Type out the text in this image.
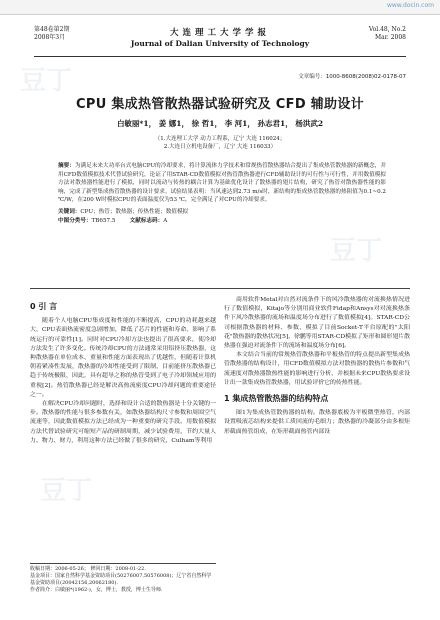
www.docin.com
豆丁
豆丁
豆丁
第48卷第2期
2008年3月	大连理工大学学报
Journal of Dalian University of Technology
Vol.48, No.2
Mar. 2008
文章编号：1000-8608(2008)02-0178-07
CPU 集成热管散热器试验研究及 CFD 辅助设计
白敏丽*1， 姜 娜1， 徐 哲1， 李 河1， 孙志君1， 杨洪武2
（1.大连理工大学 动力工程系，辽宁 大连 116024；
2.大连日立机电设备厂，辽宁 大连 116033）
摘要：为满足未来大功率台式电脑CPU的冷却要求，将计算流体力学技术和常规热管散热器结合提出了集成热管散热器的新概念，并用CFD数值模拟技术代替试验研究，论证了用STAR-CD数值模拟对热管散热器进行CFD辅助设计的可行性与可行性，并用数值模拟方法对散热器性能进行了模拟，同时以流动与传热的耦合计算为基础优化设计了散热器的翅片结构，研究了热管对散热器性能的影响，完成了新型集成热管散热器的设计要求。试验结果表明：当风速达到2.73 m/s时，新结构的集成热管散热器的热阻值为0.1~0.2 ℃/W，在200 W时模拟CPU的表面温度仅为53 ℃，完全满足了对CPU的冷却要求。
关键词：CPU；热管；散热器；传热性能；数值模拟
中图分类号：TB657.5	文献标志码：A
0 引 言

随着个人电脑CPU集成度和性能的不断提高，CPU的功耗越来越大，CPU表面热流密度急剧增加，降低了芯片的性能和寿命，影响了系统运行的可靠性[1]。同时对CPU冷却方法也提出了很高要求，使冷却方法发生了许多变化。传统冷却CPU的方法通常采用铝挤压散热器，这种散热器在单位成本、重量和性能方面表现出了优越性，但随着计算机朝着紧凑性发展，散热器的冷却性能受到了限制，目前能挤压散热器已趋于传统极限，因此，具有超导之称的热管受到了电子冷却领域应用的重视[2]。热管散热器已经是解决高热流密度CPU冷却问题的重要途径之一。

在解决CPU冷却问题时，选择和设计合适的散热器是十分关键的一步。散热器的性能与很多参数有关，如散热器结构尺寸参数和周围空气流速等，因此数值模拟方法已经成为一种重要的研究手段。用数值模拟方法代替试验研究可缩短产品的研制周期，减少试验费用，节约大量人力、物力、财力，利用这种方法已经做了很多的研究，Culham等利用

收稿日期：2006-05-26； 修回日期：2008-01-22.
基金项目：国家自然科学基金资助项目(50276007,50576008)；辽宁省自然科学基金资助项目(20042156,20062180).
作者简介：白敏丽*(1962-)，女，博士，教授，博士生导师.

商用软件Metal对自然对流条件下的风冷散热器的对流换热情况进行了数值模拟，Kitajo等分别用商业软件Fidap和Ansys对对流换热条件下风冷散热器的流场和温度场分布进行了数值模拟[4]。STAR-CD公司根据散热器的材料、参数，模拟了目前Socket-T平台原配的"太阳花"散热器的散热状况[5]，徐鹏等用STAR-CD模拟了矩形和圆形翅片散热器在强迫对流条件下的流场和温度场分布[6]。

本文结合当前的常规热管散热器和平板热管的特点提出新型集成热管散热器的结构设计，用CFD数值模拟方法对散热器的散热片参数和气流速度对散热器散热性能的影响进行分析，并根据未来CPU散热要求设计出一款集成热管散热器，用试验评价它的传热性能。

1 集成热管散热器的结构特点

图1为集成热管散热器的结构。散热器底板为平板微型热管，内部设置吸液芯结构来提供工质回流的毛细力；散热器的冷凝部分由多根矩形截面热管组成，在矩形截面热管内部设
